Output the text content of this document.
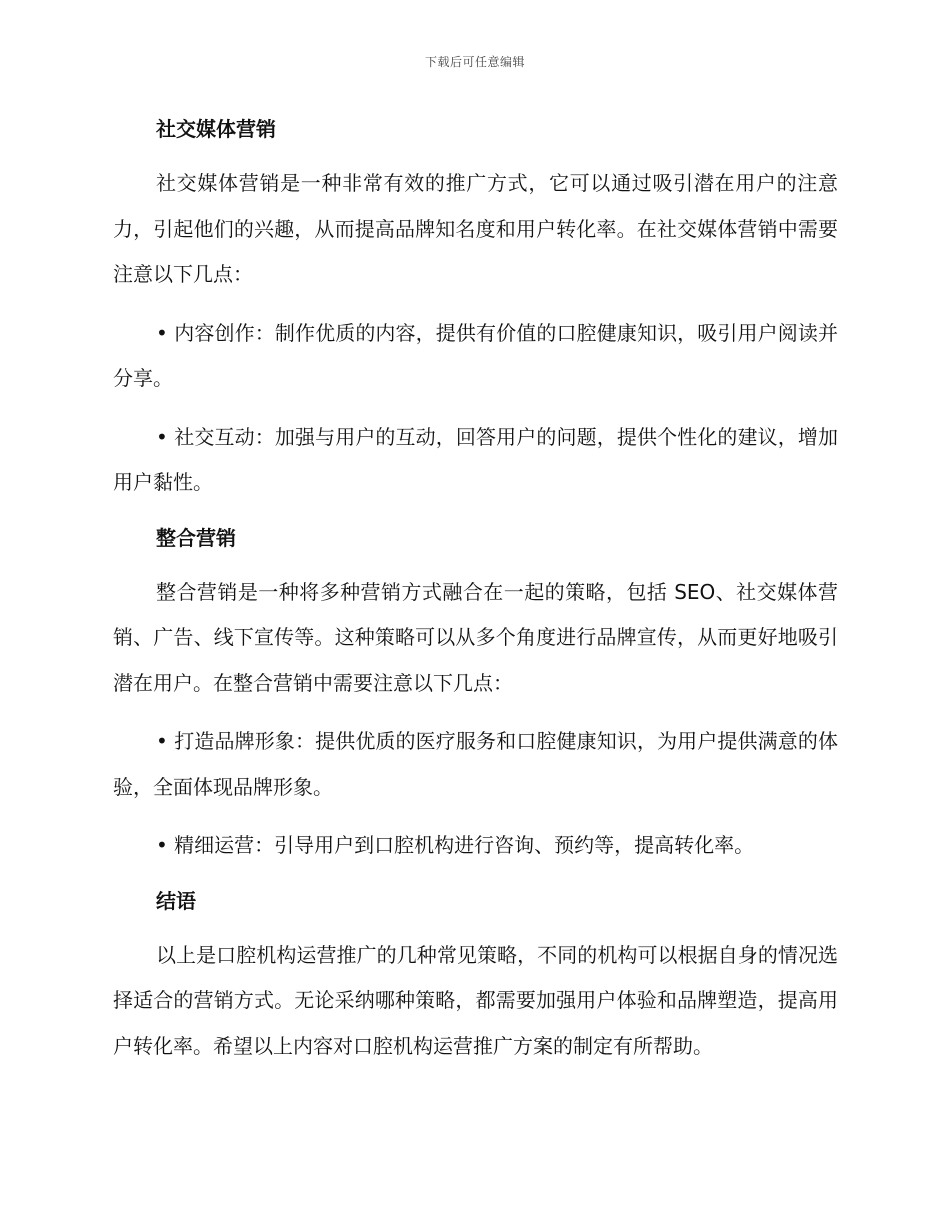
下载后可任意编辑
社交媒体营销

社交媒体营销是一种非常有效的推广方式，它可以通过吸引潜在用户的注意力，引起他们的兴趣，从而提高品牌知名度和用户转化率。在社交媒体营销中需要注意以下几点：

• 内容创作：制作优质的内容，提供有价值的口腔健康知识，吸引用户阅读并分享。

• 社交互动：加强与用户的互动，回答用户的问题，提供个性化的建议，增加用户黏性。

整合营销

整合营销是一种将多种营销方式融合在一起的策略，包括 SEO、社交媒体营销、广告、线下宣传等。这种策略可以从多个角度进行品牌宣传，从而更好地吸引潜在用户。在整合营销中需要注意以下几点：

• 打造品牌形象：提供优质的医疗服务和口腔健康知识，为用户提供满意的体验，全面体现品牌形象。

• 精细运营：引导用户到口腔机构进行咨询、预约等，提高转化率。

结语

以上是口腔机构运营推广的几种常见策略，不同的机构可以根据自身的情况选择适合的营销方式。无论采纳哪种策略，都需要加强用户体验和品牌塑造，提高用户转化率。希望以上内容对口腔机构运营推广方案的制定有所帮助。
